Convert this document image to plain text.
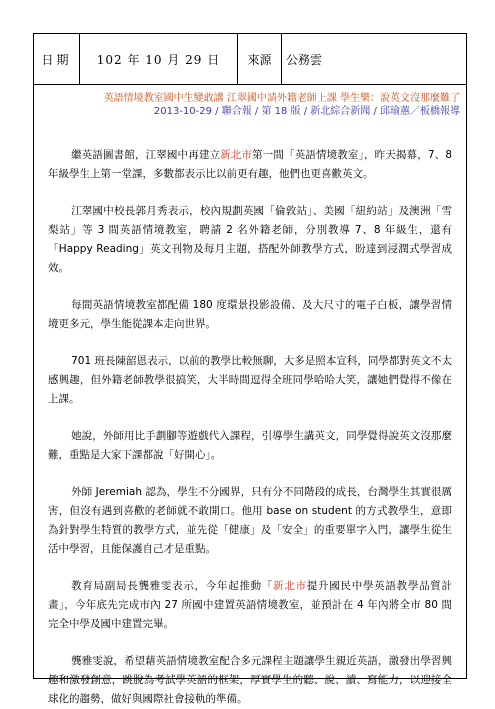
日期	102 年 10 月 29 日	來源	公務雲
英語情境教室國中生變敢講 江翠國中請外籍老師上課 學生樂：說英文沒那麼難了
2013-10-29 / 聯合報 / 第 18 版 / 新北綜合新聞 / 邱瑜蕙／板橋報導

繼英語圖書館，江翠國中再建立新北市第一間「英語情境教室」，昨天揭幕，7、8 年級學生上第一堂課，多數都表示比以前更有趣，他們也更喜歡英文。

江翠國中校長郭月秀表示，校內規劃英國「倫敦站」、美國「紐約站」及澳洲「雪梨站」等 3 間英語情境教室，聘請 2 名外籍老師，分別教導 7、8 年級生，還有「Happy Reading」英文刊物及每月主題，搭配外師教學方式，盼達到浸潤式學習成效。

每間英語情境教室都配備 180 度環景投影設備、及大尺寸的電子白板，讓學習情境更多元，學生能從課本走向世界。

701 班長陳韶恩表示，以前的教學比較無聊，大多是照本宣科，同學都對英文不太感興趣，但外籍老師教學很搞笑，大半時間逗得全班同學哈哈大笑，讓她們覺得不像在上課。

她說，外師用比手劃腳等遊戲代入課程，引導學生講英文，同學覺得說英文沒那麼難，重點是大家下課都說「好開心」。

外師 Jeremiah 認為，學生不分國界，只有分不同階段的成長，台灣學生其實很厲害，但沒有遇到喜歡的老師就不敢開口。他用 base on student 的方式教學生，意即為針對學生特質的教學方式，並先從「健康」及「安全」的重要單字入門，讓學生從生活中學習，且能保護自己才是重點。

教育局副局長龔雅雯表示，今年起推動「新北市提升國民中學英語教學品質計畫」，今年底先完成市內 27 所國中建置英語情境教室，並預計在 4 年內將全市 80 間完全中學及國中建置完畢。

龔雅雯說，希望藉英語情境教室配合多元課程主題讓學生親近英語，激發出學習興趣和激發創意，跳脫為考試學英語的框架，厚實學生的聽、說、讀、寫能力，以迎接全球化的趨勢，做好與國際社會接軌的準備。
